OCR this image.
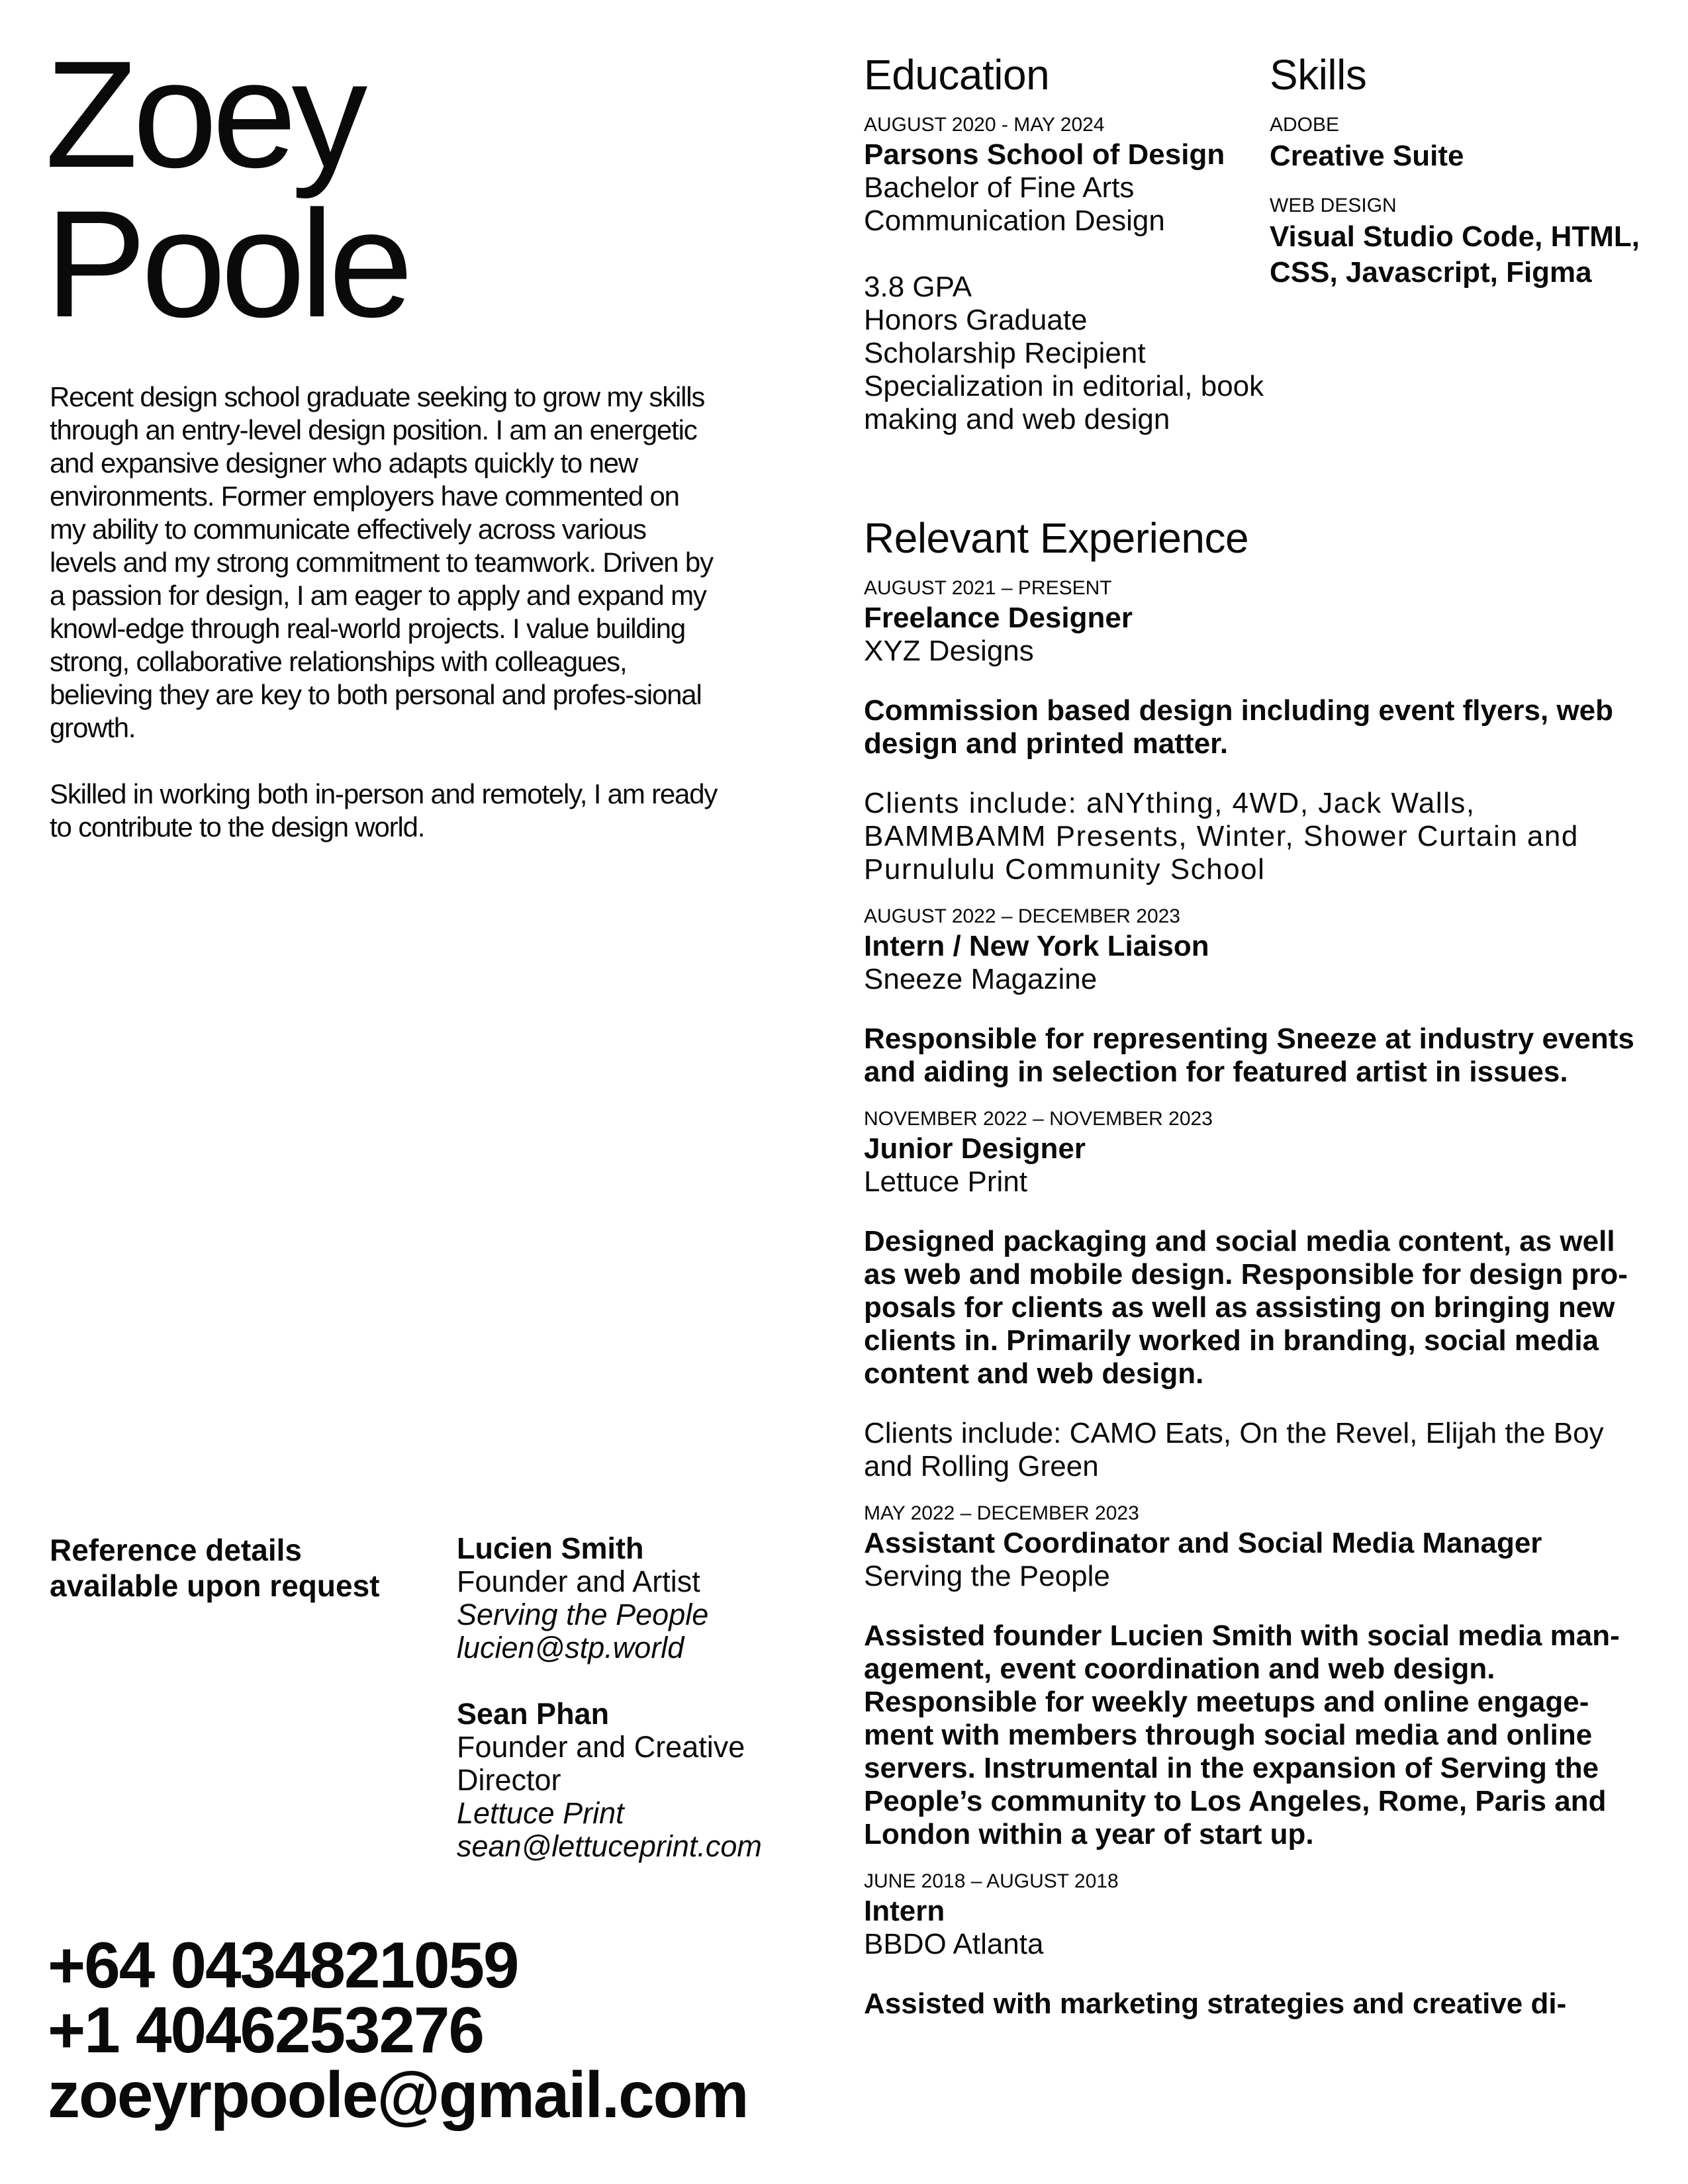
Zoey
Poole

Recent design school graduate seeking to grow my skills through an entry-level design position. I am an energetic and expansive designer who adapts quickly to new environments. Former employers have commented on my ability to communicate effectively across various levels and my strong commitment to teamwork. Driven by a passion for design, I am eager to apply and expand my knowl-edge through real-world projects. I value building strong, collaborative relationships with colleagues, believing they are key to both personal and profes-sional growth.

Skilled in working both in-person and remotely, I am ready to contribute to the design world.

Reference details available upon request
Lucien Smith
Founder and Artist
Serving the People
lucien@stp.world
Sean Phan
Founder and Creative Director
Lettuce Print
sean@lettuceprint.com
+64 0434821059
+1 4046253276
zoeyrpoole@gmail.com
Education
AUGUST 2020 - MAY 2024
Parsons School of Design
Bachelor of Fine Arts
Communication Design
3.8 GPA
Honors Graduate
Scholarship Recipient
Specialization in editorial, book making and web design
Skills
ADOBE
Creative Suite
WEB DESIGN
Visual Studio Code, HTML, CSS, Javascript, Figma
Relevant Experience
AUGUST 2021 – PRESENT
Freelance Designer
XYZ Designs
Commission based design including event flyers, web design and printed matter.
Clients include: aNYthing, 4WD, Jack Walls, BAMMBAMM Presents, Winter, Shower Curtain and Purnululu Community School
AUGUST 2022 – DECEMBER 2023
Intern / New York Liaison
Sneeze Magazine
Responsible for representing Sneeze at industry events and aiding in selection for featured artist in issues.
NOVEMBER 2022 – NOVEMBER 2023
Junior Designer
Lettuce Print
Designed packaging and social media content, as well as web and mobile design. Responsible for design pro-posals for clients as well as assisting on bringing new clients in. Primarily worked in branding, social media content and web design.
Clients include: CAMO Eats, On the Revel, Elijah the Boy and Rolling Green
MAY 2022 – DECEMBER 2023
Assistant Coordinator and Social Media Manager
Serving the People
Assisted founder Lucien Smith with social media man-agement, event coordination and web design. Responsible for weekly meetups and online engage-ment with members through social media and online servers. Instrumental in the expansion of Serving the People’s community to Los Angeles, Rome, Paris and London within a year of start up.
JUNE 2018 – AUGUST 2018
Intern
BBDO Atlanta
Assisted with marketing strategies and creative di-
